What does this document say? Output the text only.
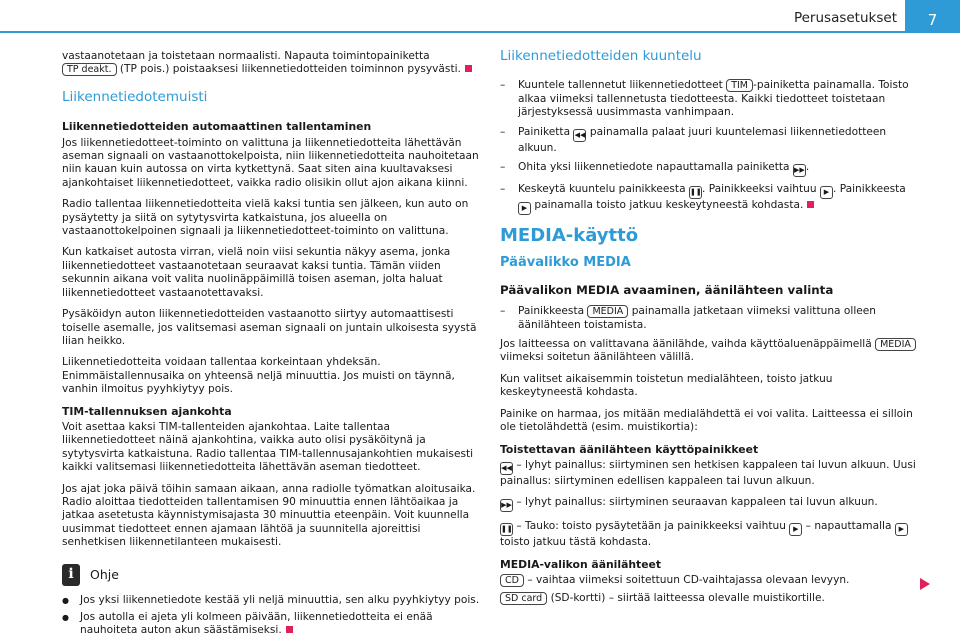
Perusasetukset	7

vastaanotetaan ja toistetaan normaalisti. Napauta toimintopainiketta TP deakt. (TP pois.) poistaaksesi liikennetiedotteiden toiminnon pysyvästi.

Liikennetiedotemuisti
Liikennetiedotteiden automaattinen tallentaminen

Jos liikennetiedotteet-toiminto on valittuna ja liikennetiedotteita lähettävän aseman signaali on vastaanottokelpoista, niin liikennetiedotteita nauhoitetaan niin kauan kuin autossa on virta kytkettynä. Saat siten aina kuultavaksesi ajankohtaiset liikennetiedotteet, vaikka radio olisikin ollut ajon aikana kiinni.

Radio tallentaa liikennetiedotteita vielä kaksi tuntia sen jälkeen, kun auto on pysäytetty ja siitä on sytytysvirta katkaistuna, jos alueella on vastaanottokelpoinen signaali ja liikennetiedotteet-toiminto on valittuna.

Kun katkaiset autosta virran, vielä noin viisi sekuntia näkyy asema, jonka liikennetiedotteet vastaanotetaan seuraavat kaksi tuntia. Tämän viiden sekunnin aikana voit valita nuolinäppäimillä toisen aseman, jolta haluat liikennetiedotteet vastaanotettavaksi.

Pysäköidyn auton liikennetiedotteiden vastaanotto siirtyy automaattisesti toiselle asemalle, jos valitsemasi aseman signaali on juntain ulkoisesta syystä liian heikko.

Liikennetiedotteita voidaan tallentaa korkeintaan yhdeksän. Enimmäistallennusaika on yhteensä neljä minuuttia. Jos muisti on täynnä, vanhin ilmoitus pyyhkiytyy pois.

TIM-tallennuksen ajankohta

Voit asettaa kaksi TIM-tallenteiden ajankohtaa. Laite tallentaa liikennetiedotteet näinä ajankohtina, vaikka auto olisi pysäköitynä ja sytytysvirta katkaistuna. Radio tallentaa TIM-tallennusajankohtien mukaisesti kaikki valitsemasi liikennetiedotteita lähettävän aseman tiedotteet.

Jos ajat joka päivä töihin samaan aikaan, anna radiolle työmatkan aloitusaika. Radio aloittaa tiedotteiden tallentamisen 90 minuuttia ennen lähtöaikaa ja jatkaa asetetusta käynnistymisajasta 30 minuuttia eteenpäin. Voit kuunnella uusimmat tiedotteet ennen ajamaan lähtöä ja suunnitella ajoreittisi senhetkisen liikennetilanteen mukaisesti.

i	Ohje
● Jos yksi liikennetiedote kestää yli neljä minuuttia, sen alku pyyhkiytyy pois.
● Jos autolla ei ajeta yli kolmeen päivään, liikennetiedotteita ei enää nauhoiteta auton akun säästämiseksi.
Liikennetiedotteiden kuuntelu
– Kuuntele tallennetut liikennetiedotteet TIM -painiketta painamalla. Toisto alkaa viimeksi tallennetusta tiedotteesta. Kaikki tiedotteet toistetaan järjestyksessä uusimmasta vanhimpaan.
– Painiketta ◀◀ painamalla palaat juuri kuuntelemasi liikennetiedotteen alkuun.
– Ohita yksi liikennetiedote napauttamalla painiketta ▶▶.
– Keskeytä kuuntelu painikkeesta ❚❚. Painikkeeksi vaihtuu ▶ . Painikkeesta ▶ painamalla toisto jatkuu keskeytyneestä kohdasta.
MEDIA-käyttö
Päävalikko MEDIA
Päävalikon MEDIA avaaminen, äänilähteen valinta
– Painikkeesta MEDIA painamalla jatketaan viimeksi valittuna olleen äänilähteen toistamista.

Jos laitteessa on valittavana äänilähde, vaihda käyttöaluenäppäimellä MEDIA viimeksi soitetun äänilähteen välillä.

Kun valitset aikaisemmin toistetun medialähteen, toisto jatkuu keskeytyneestä kohdasta.

Painike on harmaa, jos mitään medialähdettä ei voi valita. Laitteessa ei silloin ole tietolähdettä (esim. muistikortia):

Toistettavan äänilähteen käyttöpainikkeet

◀◀ – lyhyt painallus: siirtyminen sen hetkisen kappaleen tai luvun alkuun. Uusi painallus: siirtyminen edellisen kappaleen tai luvun alkuun.

▶▶ – lyhyt painallus: siirtyminen seuraavan kappaleen tai luvun alkuun.

❚❚ – Tauko: toisto pysäytetään ja painikkeeksi vaihtuu ▶ – napauttamalla ▶ toisto jatkuu tästä kohdasta.

MEDIA-valikon äänilähteet

CD – vaihtaa viimeksi soitettuun CD-vaihtajassa olevaan levyyn.

SD card (SD-kortti) – siirtää laitteessa olevalle muistikortille.
